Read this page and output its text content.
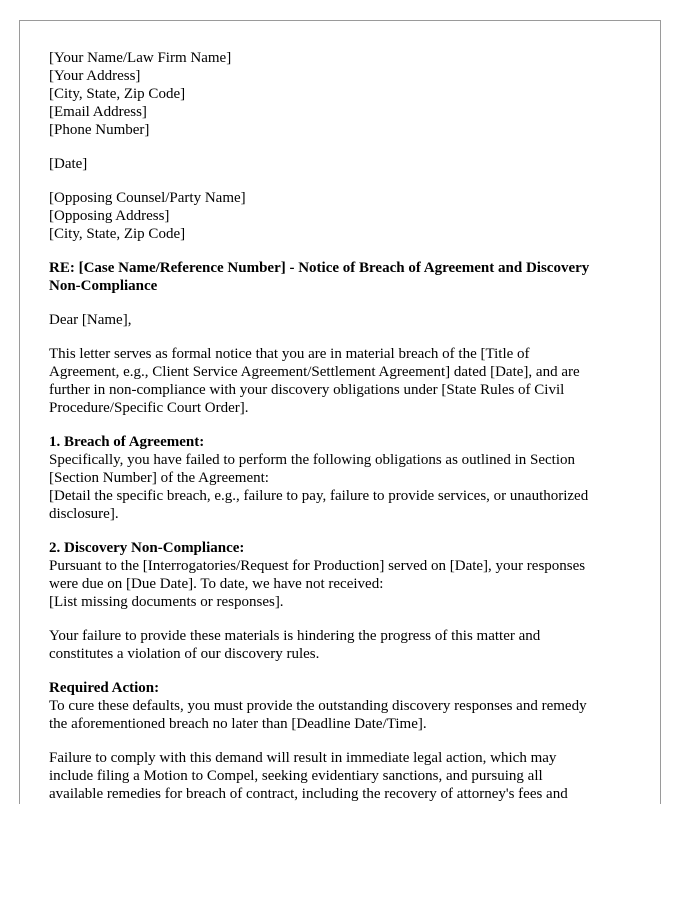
[Your Name/Law Firm Name]
[Your Address]
[City, State, Zip Code]
[Email Address]
[Phone Number]
[Date]
[Opposing Counsel/Party Name]
[Opposing Address]
[City, State, Zip Code]
RE: [Case Name/Reference Number] - Notice of Breach of Agreement and Discovery
Non-Compliance
Dear [Name],
This letter serves as formal notice that you are in material breach of the [Title of
Agreement, e.g., Client Service Agreement/Settlement Agreement] dated [Date], and are
further in non-compliance with your discovery obligations under [State Rules of Civil
Procedure/Specific Court Order].
1. Breach of Agreement:
Specifically, you have failed to perform the following obligations as outlined in Section
[Section Number] of the Agreement:
[Detail the specific breach, e.g., failure to pay, failure to provide services, or unauthorized
disclosure].
2. Discovery Non-Compliance:
Pursuant to the [Interrogatories/Request for Production] served on [Date], your responses
were due on [Due Date]. To date, we have not received:
[List missing documents or responses].
Your failure to provide these materials is hindering the progress of this matter and
constitutes a violation of our discovery rules.
Required Action:
To cure these defaults, you must provide the outstanding discovery responses and remedy
the aforementioned breach no later than [Deadline Date/Time].
Failure to comply with this demand will result in immediate legal action, which may
include filing a Motion to Compel, seeking evidentiary sanctions, and pursuing all
available remedies for breach of contract, including the recovery of attorney's fees and
